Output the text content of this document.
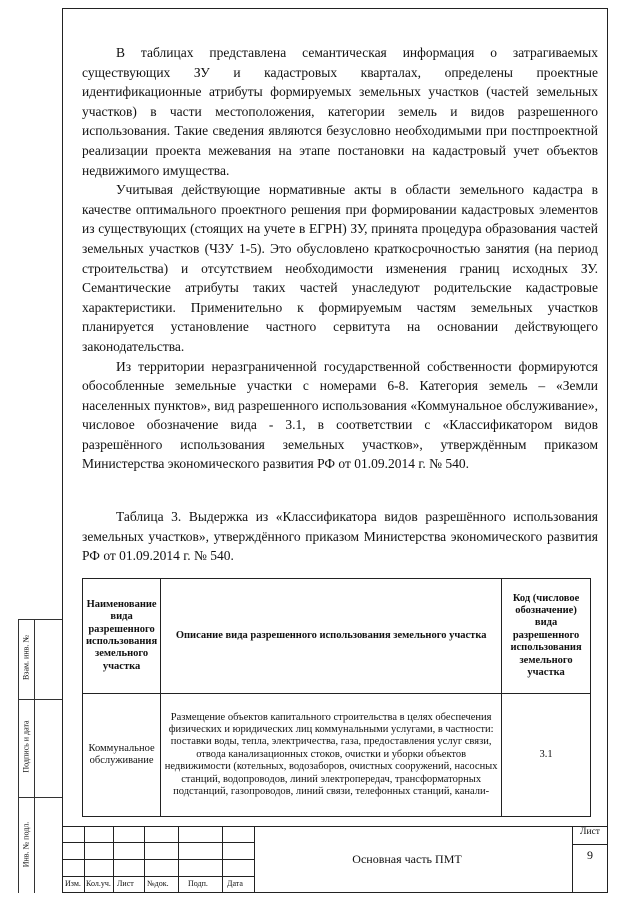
Взам. инв. №
Подпись и дата
Инв. № подл.

В таблицах представлена семантическая информация о затрагиваемых существующих ЗУ и кадастровых кварталах, определены проектные идентификационные атрибуты формируемых земельных участков (частей земельных участков) в части местоположения, категории земель и видов разрешенного использования. Такие сведения являются безусловно необходимыми при постпроектной реализации проекта межевания на этапе постановки на кадастровый учет объектов недвижимого имущества.

Учитывая действующие нормативные акты в области земельного кадастра в качестве оптимального проектного решения при формировании кадастровых элементов из существующих (стоящих на учете в ЕГРН) ЗУ, принята процедура образования частей земельных участков (ЧЗУ 1-5). Это обусловлено краткосрочностью занятия (на период строительства) и отсутствием необходимости изменения границ исходных ЗУ. Семантические атрибуты таких частей унаследуют родительские кадастровые характеристики. Применительно к формируемым частям земельных участков планируется установление частного сервитута на основании действующего законодательства.

Из территории неразграниченной государственной собственности формируются обособленные земельные участки с номерами 6-8. Категория земель – «Земли населенных пунктов», вид разрешенного использования «Коммунальное обслуживание», числовое обозначение вида - 3.1, в соответствии с «Классификатором видов разрешённого использования земельных участков», утверждённым приказом Министерства экономического развития РФ от 01.09.2014 г. № 540.

Таблица 3. Выдержка из «Классификатора видов разрешённого использования земельных участков», утверждённого приказом Министерства экономического развития РФ от 01.09.2014 г. № 540.

Наименование вида разрешенного использования земельного участка	Описание вида разрешенного использования земельного участка	Код (числовое обозначение) вида разрешенного использования земельного участка
Коммунальное обслуживание	Размещение объектов капитального строительства в целях обеспечения физических и юридических лиц коммунальными услугами, в частности: поставки воды, тепла, электричества, газа, предоставления услуг связи, отвода канализационных стоков, очистки и уборки объектов недвижимости (котельных, водозаборов, очистных сооружений, насосных станций, водопроводов, линий электропередач, трансформаторных подстанций, газопроводов, линий связи, телефонных станций, канали-	3.1
Изм. Кол.уч. Лист №док. Подп. Дата
Основная часть ПМТ
Лист
9
